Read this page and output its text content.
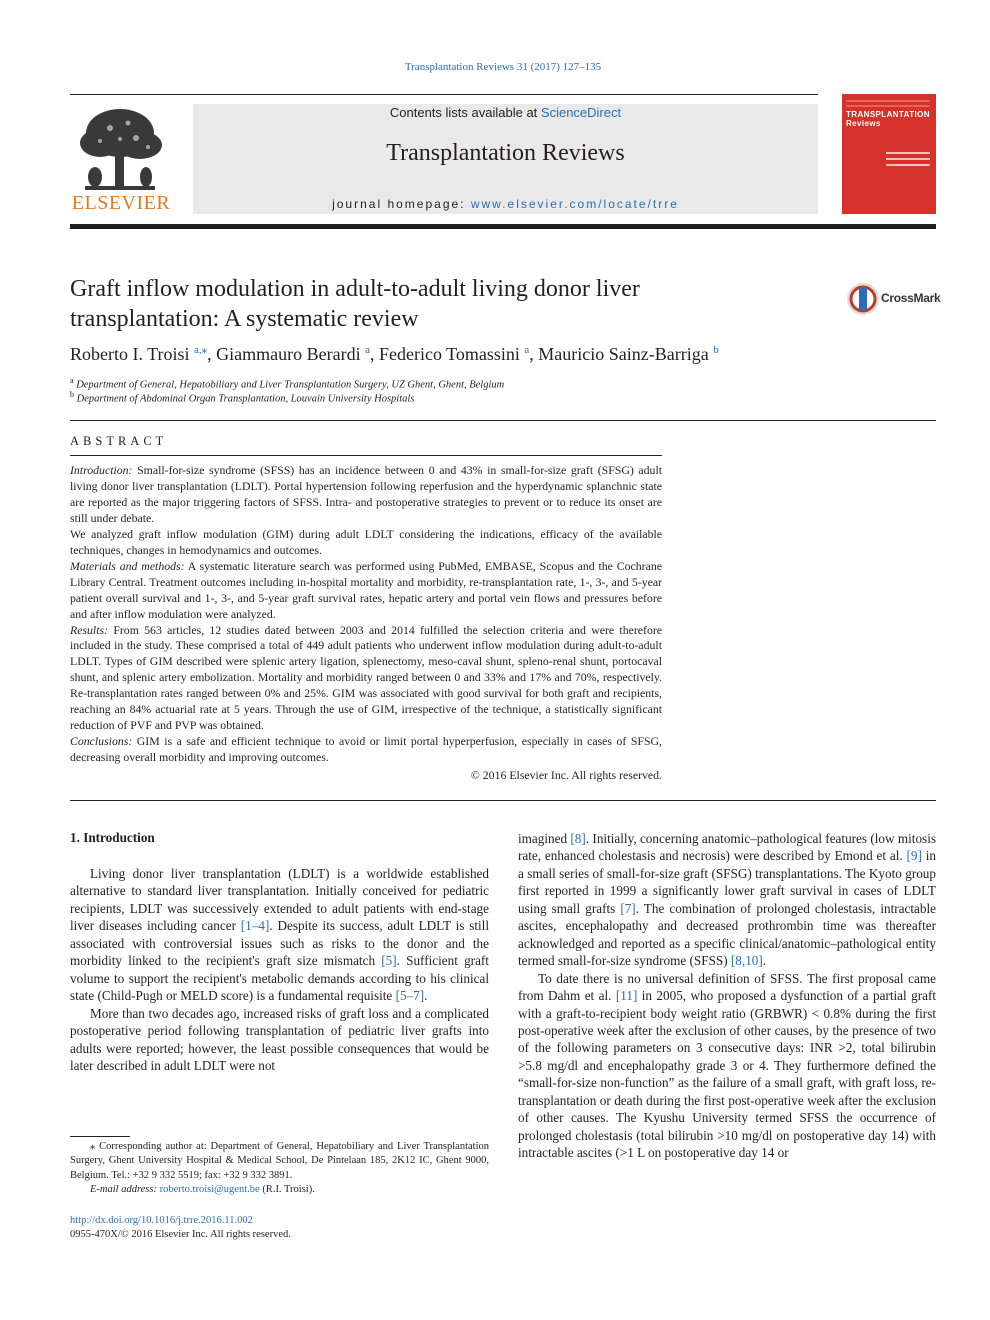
Transplantation Reviews 31 (2017) 127–135
ELSEVIER
Contents lists available at ScienceDirect
Transplantation Reviews
journal homepage: www.elsevier.com/locate/trre
TRANSPLANTATION Reviews
Graft inflow modulation in adult-to-adult living donor liver transplantation: A systematic review
CrossMark
Roberto I. Troisi $^{a,⁎}$, Giammauro Berardi $^a$, Federico Tomassini $^a$, Mauricio Sainz-Barriga $^b$
$^a$ Department of General, Hepatobiliary and Liver Transplantation Surgery, UZ Ghent, Ghent, Belgium
$^b$ Department of Abdominal Organ Transplantation, Louvain University Hospitals
ABSTRACT

Introduction: Small-for-size syndrome (SFSS) has an incidence between 0 and 43% in small-for-size graft (SFSG) adult living donor liver transplantation (LDLT). Portal hypertension following reperfusion and the hyperdynamic splanchnic state are reported as the major triggering factors of SFSS. Intra- and postoperative strategies to prevent or to reduce its onset are still under debate.

We analyzed graft inflow modulation (GIM) during adult LDLT considering the indications, efficacy of the available techniques, changes in hemodynamics and outcomes.

Materials and methods: A systematic literature search was performed using PubMed, EMBASE, Scopus and the Cochrane Library Central. Treatment outcomes including in-hospital mortality and morbidity, re-transplantation rate, 1-, 3-, and 5-year patient overall survival and 1-, 3-, and 5-year graft survival rates, hepatic artery and portal vein flows and pressures before and after inflow modulation were analyzed.

Results: From 563 articles, 12 studies dated between 2003 and 2014 fulfilled the selection criteria and were therefore included in the study. These comprised a total of 449 adult patients who underwent inflow modulation during adult-to-adult LDLT. Types of GIM described were splenic artery ligation, splenectomy, meso-caval shunt, spleno-renal shunt, portocaval shunt, and splenic artery embolization. Mortality and morbidity ranged between 0 and 33% and 17% and 70%, respectively. Re-transplantation rates ranged between 0% and 25%. GIM was associated with good survival for both graft and recipients, reaching an 84% actuarial rate at 5 years. Through the use of GIM, irrespective of the technique, a statistically significant reduction of PVF and PVP was obtained.

Conclusions: GIM is a safe and efficient technique to avoid or limit portal hyperperfusion, especially in cases of SFSG, decreasing overall morbidity and improving outcomes.

© 2016 Elsevier Inc. All rights reserved.
1. Introduction

Living donor liver transplantation (LDLT) is a worldwide established alternative to standard liver transplantation. Initially conceived for pediatric recipients, LDLT was successively extended to adult patients with end-stage liver diseases including cancer [1–4]. Despite its success, adult LDLT is still associated with controversial issues such as risks to the donor and the morbidity linked to the recipient's graft size mismatch [5]. Sufficient graft volume to support the recipient's metabolic demands according to his clinical state (Child-Pugh or MELD score) is a fundamental requisite [5–7].

More than two decades ago, increased risks of graft loss and a complicated postoperative period following transplantation of pediatric liver grafts into adults were reported; however, the least possible consequences that would be later described in adult LDLT were not

imagined [8]. Initially, concerning anatomic–pathological features (low mitosis rate, enhanced cholestasis and necrosis) were described by Emond et al. [9] in a small series of small-for-size graft (SFSG) transplantations. The Kyoto group first reported in 1999 a significantly lower graft survival in cases of LDLT using small grafts [7]. The combination of prolonged cholestasis, intractable ascites, encephalopathy and decreased prothrombin time was thereafter acknowledged and reported as a specific clinical/anatomic–pathological entity termed small-for-size syndrome (SFSS) [8,10].

To date there is no universal definition of SFSS. The first proposal came from Dahm et al. [11] in 2005, who proposed a dysfunction of a partial graft with a graft-to-recipient body weight ratio (GRBWR) < 0.8% during the first post-operative week after the exclusion of other causes, by the presence of two of the following parameters on 3 consecutive days: INR >2, total bilirubin >5.8 mg/dl and encephalopathy grade 3 or 4. They furthermore defined the “small-for-size non-function” as the failure of a small graft, with graft loss, re-transplantation or death during the first post-operative week after the exclusion of other causes. The Kyushu University termed SFSS the occurrence of prolonged cholestasis (total bilirubin >10 mg/dl on postoperative day 14) with intractable ascites (>1 L on postoperative day 14 or

⁎ Corresponding author at: Department of General, Hepatobiliary and Liver Transplantation Surgery, Ghent University Hospital & Medical School, De Pintelaan 185, 2K12 IC, Ghent 9000, Belgium. Tel.: +32 9 332 5519; fax: +32 9 332 3891.

E-mail address: roberto.troisi@ugent.be (R.I. Troisi).

http://dx.doi.org/10.1016/j.trre.2016.11.002
0955-470X/© 2016 Elsevier Inc. All rights reserved.
